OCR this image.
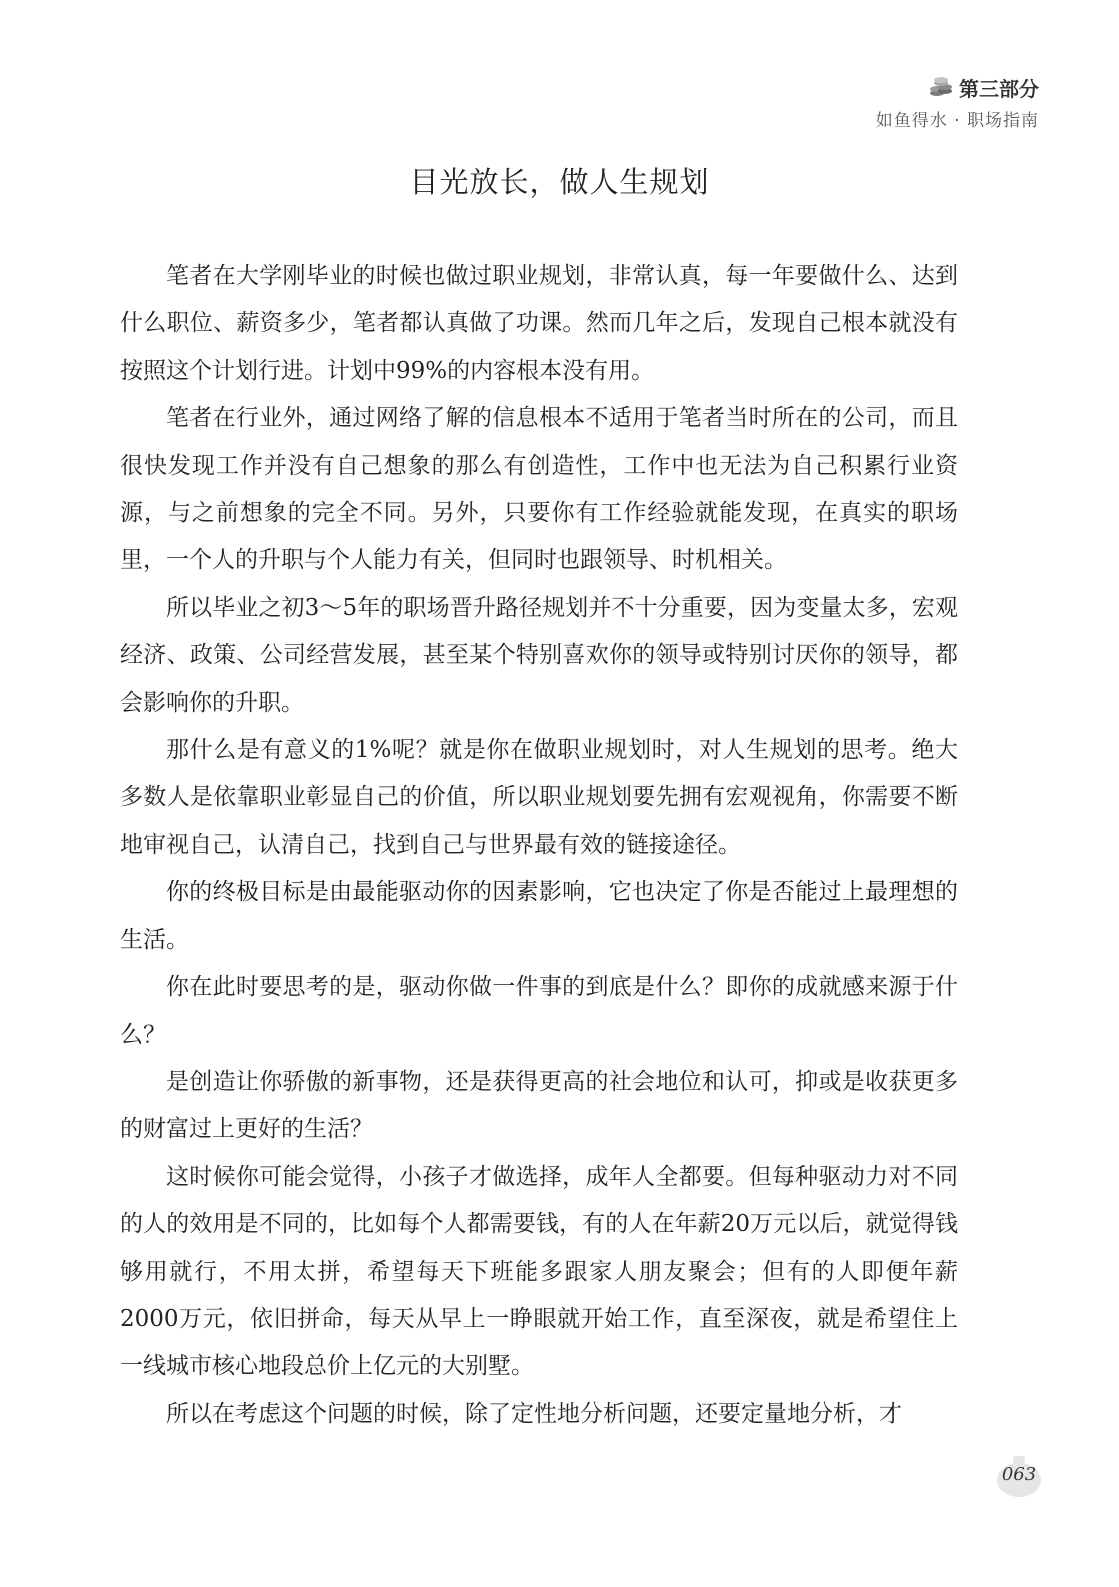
第三部分
如鱼得水 · 职场指南
目光放长，做人生规划

笔者在大学刚毕业的时候也做过职业规划，非常认真，每一年要做什么、达到什么职位、薪资多少，笔者都认真做了功课。然而几年之后，发现自己根本就没有按照这个计划行进。计划中99%的内容根本没有用。

笔者在行业外，通过网络了解的信息根本不适用于笔者当时所在的公司，而且很快发现工作并没有自己想象的那么有创造性，工作中也无法为自己积累行业资源，与之前想象的完全不同。另外，只要你有工作经验就能发现，在真实的职场里，一个人的升职与个人能力有关，但同时也跟领导、时机相关。

所以毕业之初3～5年的职场晋升路径规划并不十分重要，因为变量太多，宏观经济、政策、公司经营发展，甚至某个特别喜欢你的领导或特别讨厌你的领导，都会影响你的升职。

那什么是有意义的1%呢？就是你在做职业规划时，对人生规划的思考。绝大多数人是依靠职业彰显自己的价值，所以职业规划要先拥有宏观视角，你需要不断地审视自己，认清自己，找到自己与世界最有效的链接途径。

你的终极目标是由最能驱动你的因素影响，它也决定了你是否能过上最理想的生活。

你在此时要思考的是，驱动你做一件事的到底是什么？即你的成就感来源于什么？

是创造让你骄傲的新事物，还是获得更高的社会地位和认可，抑或是收获更多的财富过上更好的生活？

这时候你可能会觉得，小孩子才做选择，成年人全都要。但每种驱动力对不同的人的效用是不同的，比如每个人都需要钱，有的人在年薪20万元以后，就觉得钱够用就行，不用太拼，希望每天下班能多跟家人朋友聚会；但有的人即便年薪2000万元，依旧拼命，每天从早上一睁眼就开始工作，直至深夜，就是希望住上一线城市核心地段总价上亿元的大别墅。

所以在考虑这个问题的时候，除了定性地分析问题，还要定量地分析，才

063
